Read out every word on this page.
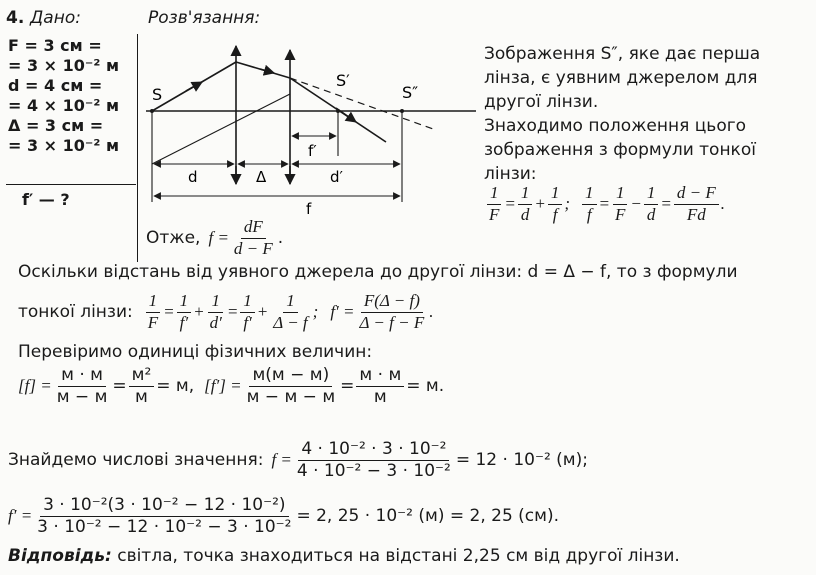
4. Дано:	Розв'язання:
F = 3 см =
= 3 × 10⁻² м
d = 4 см =
= 4 × 10⁻² м
Δ = 3 см =
= 3 × 10⁻² м
f′ — ?
S
S′
S″
f′
d	Δ	d′
f
Отже, $f = \frac{dF}{d - F}$ .
Зображення S″, яке дає перша
лінза, є уявним джерелом для
другої лінзи.
Знаходимо положення цього
зображення з формули тонкої
лінзи:
$\frac{1}{F} = \frac{1}{d} + \frac{1}{f}$ ; $\frac{1}{f} = \frac{1}{F} - \frac{1}{d} = \frac{d - F}{Fd}$ .
Оскільки відстань від уявного джерела до другої лінзи: d = Δ − f, то з формули
тонкої лінзи: $\frac{1}{F} = \frac{1}{f'} + \frac{1}{d'} = \frac{1}{f'} + \frac{1}{\Delta - f}$ ; $f' = \frac{F(\Delta - f)}{\Delta - f - F}$ .
Перевіримо одиниці фізичних величин:
$[f] = \frac{м \cdot м}{м - м} = \frac{\text{м²}}{м} = м$, $[f'] = \frac{м(м - м)}{м - м - м} = \frac{м \cdot м}{м} = м$.
Знайдемо числові значення: $f = \frac{\text{4 · 10⁻² · 3 · 10⁻²}}{\text{4 · 10⁻² − 3 · 10⁻²}} = 12 \cdot 10^{-2}$ (м);
$f' = \frac{\text{3 · 10⁻²(3 · 10⁻² − 12 · 10⁻²)}}{\text{3 · 10⁻² − 12 · 10⁻² − 3 · 10⁻²}} = 2$, 25 · 10⁻² (м) = 2, 25 (см).
Відповідь: світла, точка знаходиться на відстані 2,25 см від другої лінзи.
